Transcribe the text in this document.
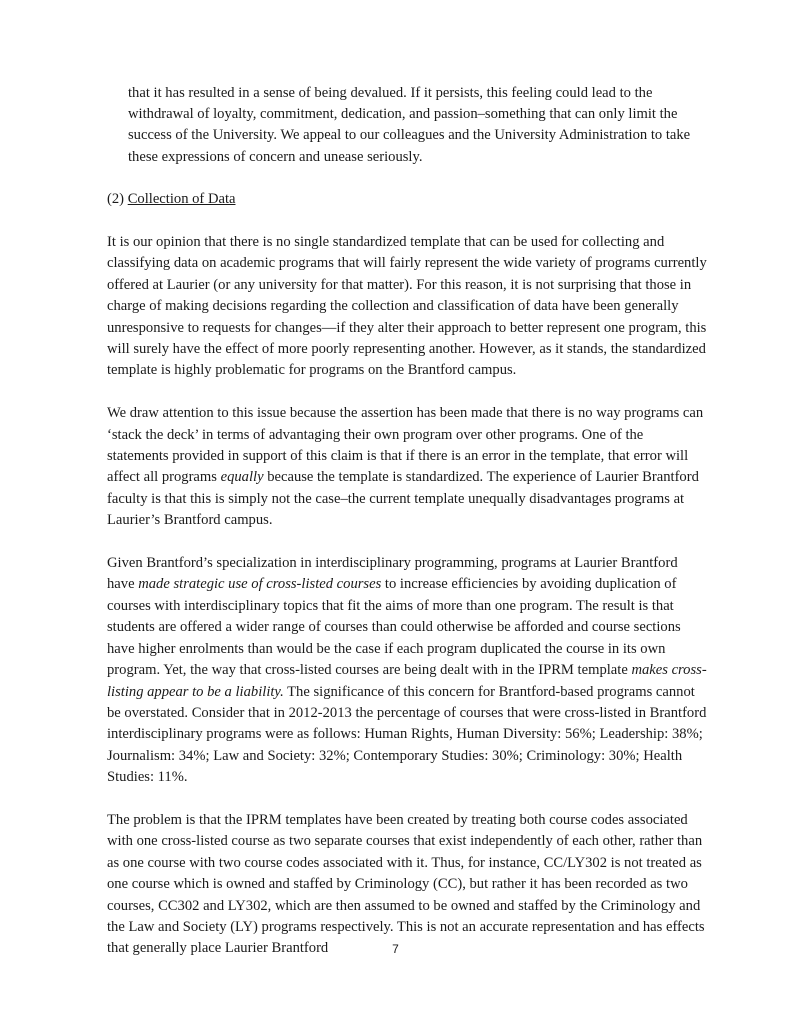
that it has resulted in a sense of being devalued. If it persists, this feeling could lead to the withdrawal of loyalty, commitment, dedication, and passion–something that can only limit the success of the University. We appeal to our colleagues and the University Administration to take these expressions of concern and unease seriously.

(2) Collection of Data

It is our opinion that there is no single standardized template that can be used for collecting and classifying data on academic programs that will fairly represent the wide variety of programs currently offered at Laurier (or any university for that matter). For this reason, it is not surprising that those in charge of making decisions regarding the collection and classification of data have been generally unresponsive to requests for changes—if they alter their approach to better represent one program, this will surely have the effect of more poorly representing another. However, as it stands, the standardized template is highly problematic for programs on the Brantford campus.

We draw attention to this issue because the assertion has been made that there is no way programs can ‘stack the deck’ in terms of advantaging their own program over other programs. One of the statements provided in support of this claim is that if there is an error in the template, that error will affect all programs equally because the template is standardized. The experience of Laurier Brantford faculty is that this is simply not the case–the current template unequally disadvantages programs at Laurier’s Brantford campus.

Given Brantford’s specialization in interdisciplinary programming, programs at Laurier Brantford have made strategic use of cross-listed courses to increase efficiencies by avoiding duplication of courses with interdisciplinary topics that fit the aims of more than one program. The result is that students are offered a wider range of courses than could otherwise be afforded and course sections have higher enrolments than would be the case if each program duplicated the course in its own program. Yet, the way that cross-listed courses are being dealt with in the IPRM template makes cross-listing appear to be a liability. The significance of this concern for Brantford-based programs cannot be overstated. Consider that in 2012-2013 the percentage of courses that were cross-listed in Brantford interdisciplinary programs were as follows: Human Rights, Human Diversity: 56%; Leadership: 38%; Journalism: 34%; Law and Society: 32%; Contemporary Studies: 30%; Criminology: 30%; Health Studies: 11%.

The problem is that the IPRM templates have been created by treating both course codes associated with one cross-listed course as two separate courses that exist independently of each other, rather than as one course with two course codes associated with it. Thus, for instance, CC/LY302 is not treated as one course which is owned and staffed by Criminology (CC), but rather it has been recorded as two courses, CC302 and LY302, which are then assumed to be owned and staffed by the Criminology and the Law and Society (LY) programs respectively. This is not an accurate representation and has effects that generally place Laurier Brantford	7
